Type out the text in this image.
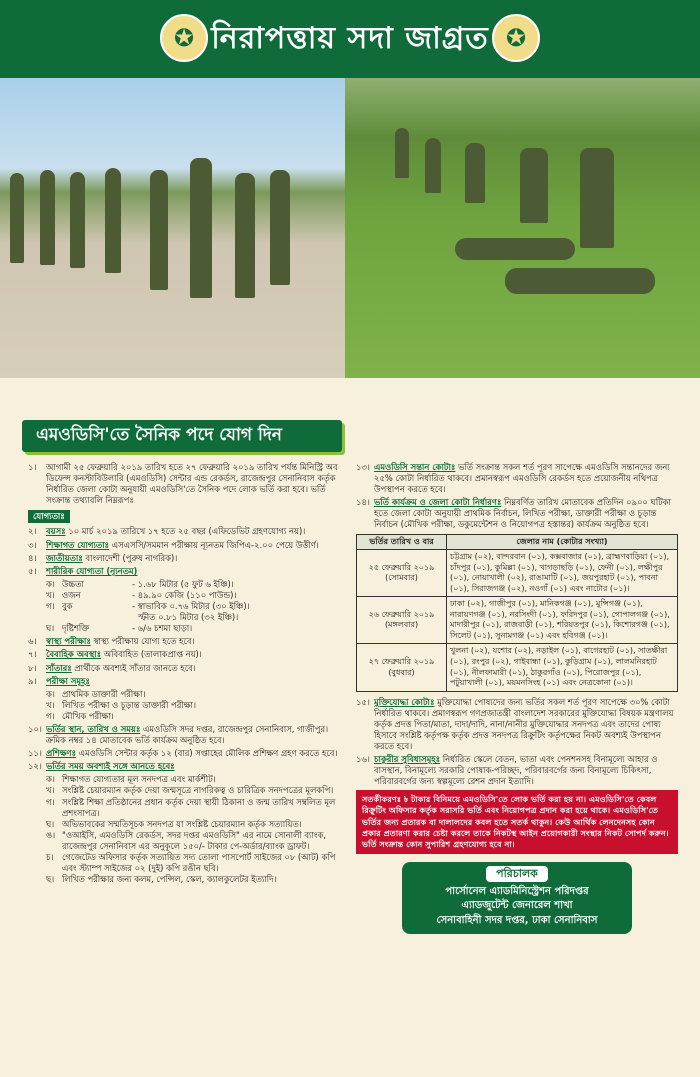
✪ নিরাপত্তায় সদা জাগ্রত ✪
এমওডিসি'তে সৈনিক পদে যোগ দিন
১।	আগামী ২৫ ফেব্রুয়ারি ২০১৯ তারিখ হতে ২৭ ফেব্রুয়ারি ২০১৯ তারিখ পর্যন্ত মিনিস্ট্রি অব ডিফেন্স কনস্টাবিউলারি (এমওডিসি) সেন্টার এন্ড রেকর্ডস, রাজেন্দ্রপুর সেনানিবাস কর্তৃক নির্ধারিত জেলা কোটা অনুযায়ী এমওডিসি'তে সৈনিক পদে লোক ভর্তি করা হবে। ভর্তি সংক্রান্ত তথ্যাবলি নিম্নরূপঃ
যোগ্যতাঃ
২।	বয়সঃ ১০ মার্চ ২০১৯ তারিখে ১৭ হতে ২৫ বছর (এফিডেভিট গ্রহণযোগ্য নয়)।
৩।	শিক্ষাগত যোগ্যতাঃ এসএসসি/সমমান পরীক্ষায় ন্যূনতম জিপিএ-২.০০ পেয়ে উত্তীর্ণ।
৪।	জাতীয়তাঃ বাংলাদেশী (পুরুষ নাগরিক)।
৫।	শারীরিক যোগ্যতা (ন্যূনতম)
ক। উচ্চতা	- ১.৬৮ মিটার (৫ ফুট ৬ ইঞ্চি)।
খ। ওজন	- ৪৯.৯০ কেজি (১১০ পাউন্ড)।
গ। বুক	- স্বাভাবিক ০.৭৬ মিটার (৩০ ইঞ্চি)।
স্ফীত ০.৮১ মিটার (৩২ ইঞ্চি)।
ঘ। দৃষ্টিশক্তি	- ৬/৬ চশমা ছাড়া।
৬।	স্বাস্থ্য পরীক্ষাঃ স্বাস্থ্য পরীক্ষায় যোগ্য হতে হবে।
৭।	বৈবাহিক অবস্থাঃ অবিবাহিত (তালাকপ্রাপ্ত নয়)।
৮।	সাঁতারঃ প্রার্থীকে অবশ্যই সাঁতার জানতে হবে।
৯।	পরীক্ষা সমূহঃ
ক। প্রাথমিক ডাক্তারী পরীক্ষা।
খ। লিখিত পরীক্ষা ও চূড়ান্ত ডাক্তারী পরীক্ষা।
গ। মৌখিক পরীক্ষা।
১০। ভর্তির স্থান, তারিখ ও সময়ঃ এমওডিসি সদর দপ্তর, রাজেন্দ্রপুর সেনানিবাস, গাজীপুর। ক্রমিক নম্বর ১৪ মোতাবেক ভর্তি কার্যক্রম অনুষ্ঠিত হবে।
১১। প্রশিক্ষণঃ এমওডিসি সেন্টার কর্তৃক ১২ (বার) সপ্তাহের মৌলিক প্রশিক্ষণ গ্রহণ করতে হবে।
১২। ভর্তির সময় অবশ্যই সঙ্গে আনতে হবেঃ
ক। শিক্ষাগত যোগ্যতার মূল সনদপত্র এবং মার্কশীট।
খ। সংশ্লিষ্ট চেয়ারম্যান কর্তৃক দেয়া জন্মসূত্রে নাগরিকত্ব ও চারিত্রিক সনদপত্রের মূলকপি।
গ। সংশ্লিষ্ট শিক্ষা প্রতিষ্ঠানের প্রধান কর্তৃক দেয়া স্থায়ী ঠিকানা ও জন্ম তারিখ সম্বলিত মূল প্রশংসাপত্র।
ঘ। অভিভাবকের সম্মতিসূচক সনদপত্র যা সংশ্লিষ্ট চেয়ারম্যান কর্তৃক সত্যায়িত।
ঙ। "ওআইসি, এমওডিসি রেকর্ডস, সদর দপ্তর এমওডিসি" এর নামে সোনালী ব্যাংক, রাজেন্দ্রপুর সেনানিবাস এর অনুকূলে ১৫০/- টাকার পে-অর্ডার/ব্যাংক ড্রাফট।
চ।	গেজেটেড অফিসার কর্তৃক সত্যায়িত সদ্য তোলা পাসপোর্ট সাইজের ০৮ (আট) কপি এবং স্ট্যাম্প সাইজের ০২ (দুই) কপি রঙীন ছবি।
ছ। লিখিত পরীক্ষার জন্য কলম, পেন্সিল, স্কেল, ক্যালকুলেটর ইত্যাদি।
১৩। এমওডিসি সন্তান কোটাঃ ভর্তি সংক্রান্ত সকল শর্ত পূরণ সাপেক্ষে এমওডিসি সন্তানদের জন্য ২৫% কোটা নির্ধারিত থাকবে। প্রমানস্বরূপ এমওডিসি রেকর্ডস হতে প্রয়োজনীয় নথিপত্র উপস্থাপন করতে হবে।
১৪। ভর্তি কার্যক্রম ও জেলা কোটা নির্ধারণঃ নিম্নবর্ণিত তারিখ মোতাবেক প্রতিদিন ০৯০০ ঘটিকা হতে জেলা কোটা অনুযায়ী প্রাথমিক নির্বাচন, লিখিত পরীক্ষা, ডাক্তারী পরীক্ষা ও চূড়ান্ত নির্বাচন (মৌখিক পরীক্ষা, ডকুমেন্টেশন ও নিয়োগপত্র হস্তান্তর) কার্যক্রম অনুষ্ঠিত হবে।
ভর্তির তারিখ ও বার	জেলার নাম (কোটার সংখ্যা)
২৫ ফেব্রুয়ারি ২০১৯ (সোমবার)	চট্টগ্রাম (০২), বান্দরবান (০১), কক্সবাজার (০১), ব্রাহ্মণবাড়িয়া (০১), চাঁদপুর (০১), কুমিল্লা (০১), খাগড়াছড়ি (০১), ফেনী (০১), লক্ষীপুর (০১), নোয়াখালী (০২), রাঙামাটি (০১), জয়পুরহাট (০১), পাবনা (০১), সিরাজগঞ্জ (০২), নওগাঁ (০১) এবং নাটোর (০১)।
২৬ ফেব্রুয়ারি ২০১৯ (মঙ্গলবার)	ঢাকা (০২), গাজীপুর (০১), মানিকগঞ্জ (০১), মুন্সিগঞ্জ (০১), নারায়ণগঞ্জ (০১), নরসিংদী (০১), ফরিদপুর (০১), গোপালগঞ্জ (০১), মাদারীপুর (০১), রাজবাড়ী (০১), শরিয়তপুর (০১), কিশোরগঞ্জ (০১), সিলেট (০১), সুনামগঞ্জ (০১) এবং হবিগঞ্জ (০১)।
২৭ ফেব্রুয়ারি ২০১৯ (বুধবার)	খুলনা (০২), যশোর (০২), নড়াইল (০১), বাগেরহাট (০১), সাতক্ষীরা (০১), রংপুর (০২), গাইবান্ধা (০১), কুড়িগ্রাম (০১), লালমনিরহাট (০১), নীলফামারী (০১), ঠাকুরগাঁও (০১), পিরোজপুর (০১), পটুয়াখালী (০১), ময়মনসিংহ (০১) এবং নেত্রকোনা (০১)।
১৫। মুক্তিযোদ্ধা কোটাঃ মুক্তিযোদ্ধা পোষ্যদের জন্য ভর্তির সকল শর্ত পূরণ সাপেক্ষে ৩০% কোটা নির্ধারিত থাকবে। প্রমাণস্বরূপ গণপ্রজাতন্ত্রী বাংলাদেশ সরকারের মুক্তিযোদ্ধা বিষয়ক মন্ত্রণালয় কর্তৃক প্রদত্ত পিতা/মাতা, দাদা/দাদি, নানা/নানীর মুক্তিযোদ্ধার সনদপত্র এবং তাদের পোষ্য হিসাবে সংশ্লিষ্ট কর্তৃপক্ষ কর্তৃক প্রদত্ত সনদপত্র রিক্রুটিং কর্তৃপক্ষের নিকট অবশ্যই উপস্থাপন করতে হবে।
১৬। চাকুরীর সুবিধাসমূহঃ নির্ধারিত স্কেলে বেতন, ভাতা এবং পেনশনসহ বিনামূল্যে আহার ও বাসস্থান, বিনামূল্যে সরকারি পোষাক-পরিচ্ছদ, পরিবারবর্গের জন্য বিনামূল্যে চিকিৎসা, পরিবারবর্গের জন্য স্বল্পমূল্যে রেশন প্রদান ইত্যাদি।
সতর্কীকরণঃ ৳ টাকার বিনিময়ে এমওডিসি'তে লোক ভর্তি করা হয় না। এমওডিসি'তে কেবল রিক্রুটিং অফিসার কর্তৃক সরাসরি ভর্তি এবং নিয়োগপত্র প্রদান করা হয়ে থাকে। এমওডিসি'তে ভর্তির জন্য প্রতারক বা দালালদের কবল হতে সতর্ক থাকুন। কেউ আর্থিক লেনদেনসহ কোন প্রকার প্রতারণা করার চেষ্টা করলে তাকে নিকটস্থ আইন প্রয়োগকারী সংস্থার নিকট সোপর্দ করুন। ভর্তি সংক্রান্ত কোন সুপারিশ গ্রহণযোগ্য হবে না।
পরিচালক
পার্সোনেল এ্যাডমিনিস্ট্রেশন পরিদপ্তর
এ্যাডজুটেন্ট জেনারেল শাখা
সেনাবাহিনী সদর দপ্তর, ঢাকা সেনানিবাস
